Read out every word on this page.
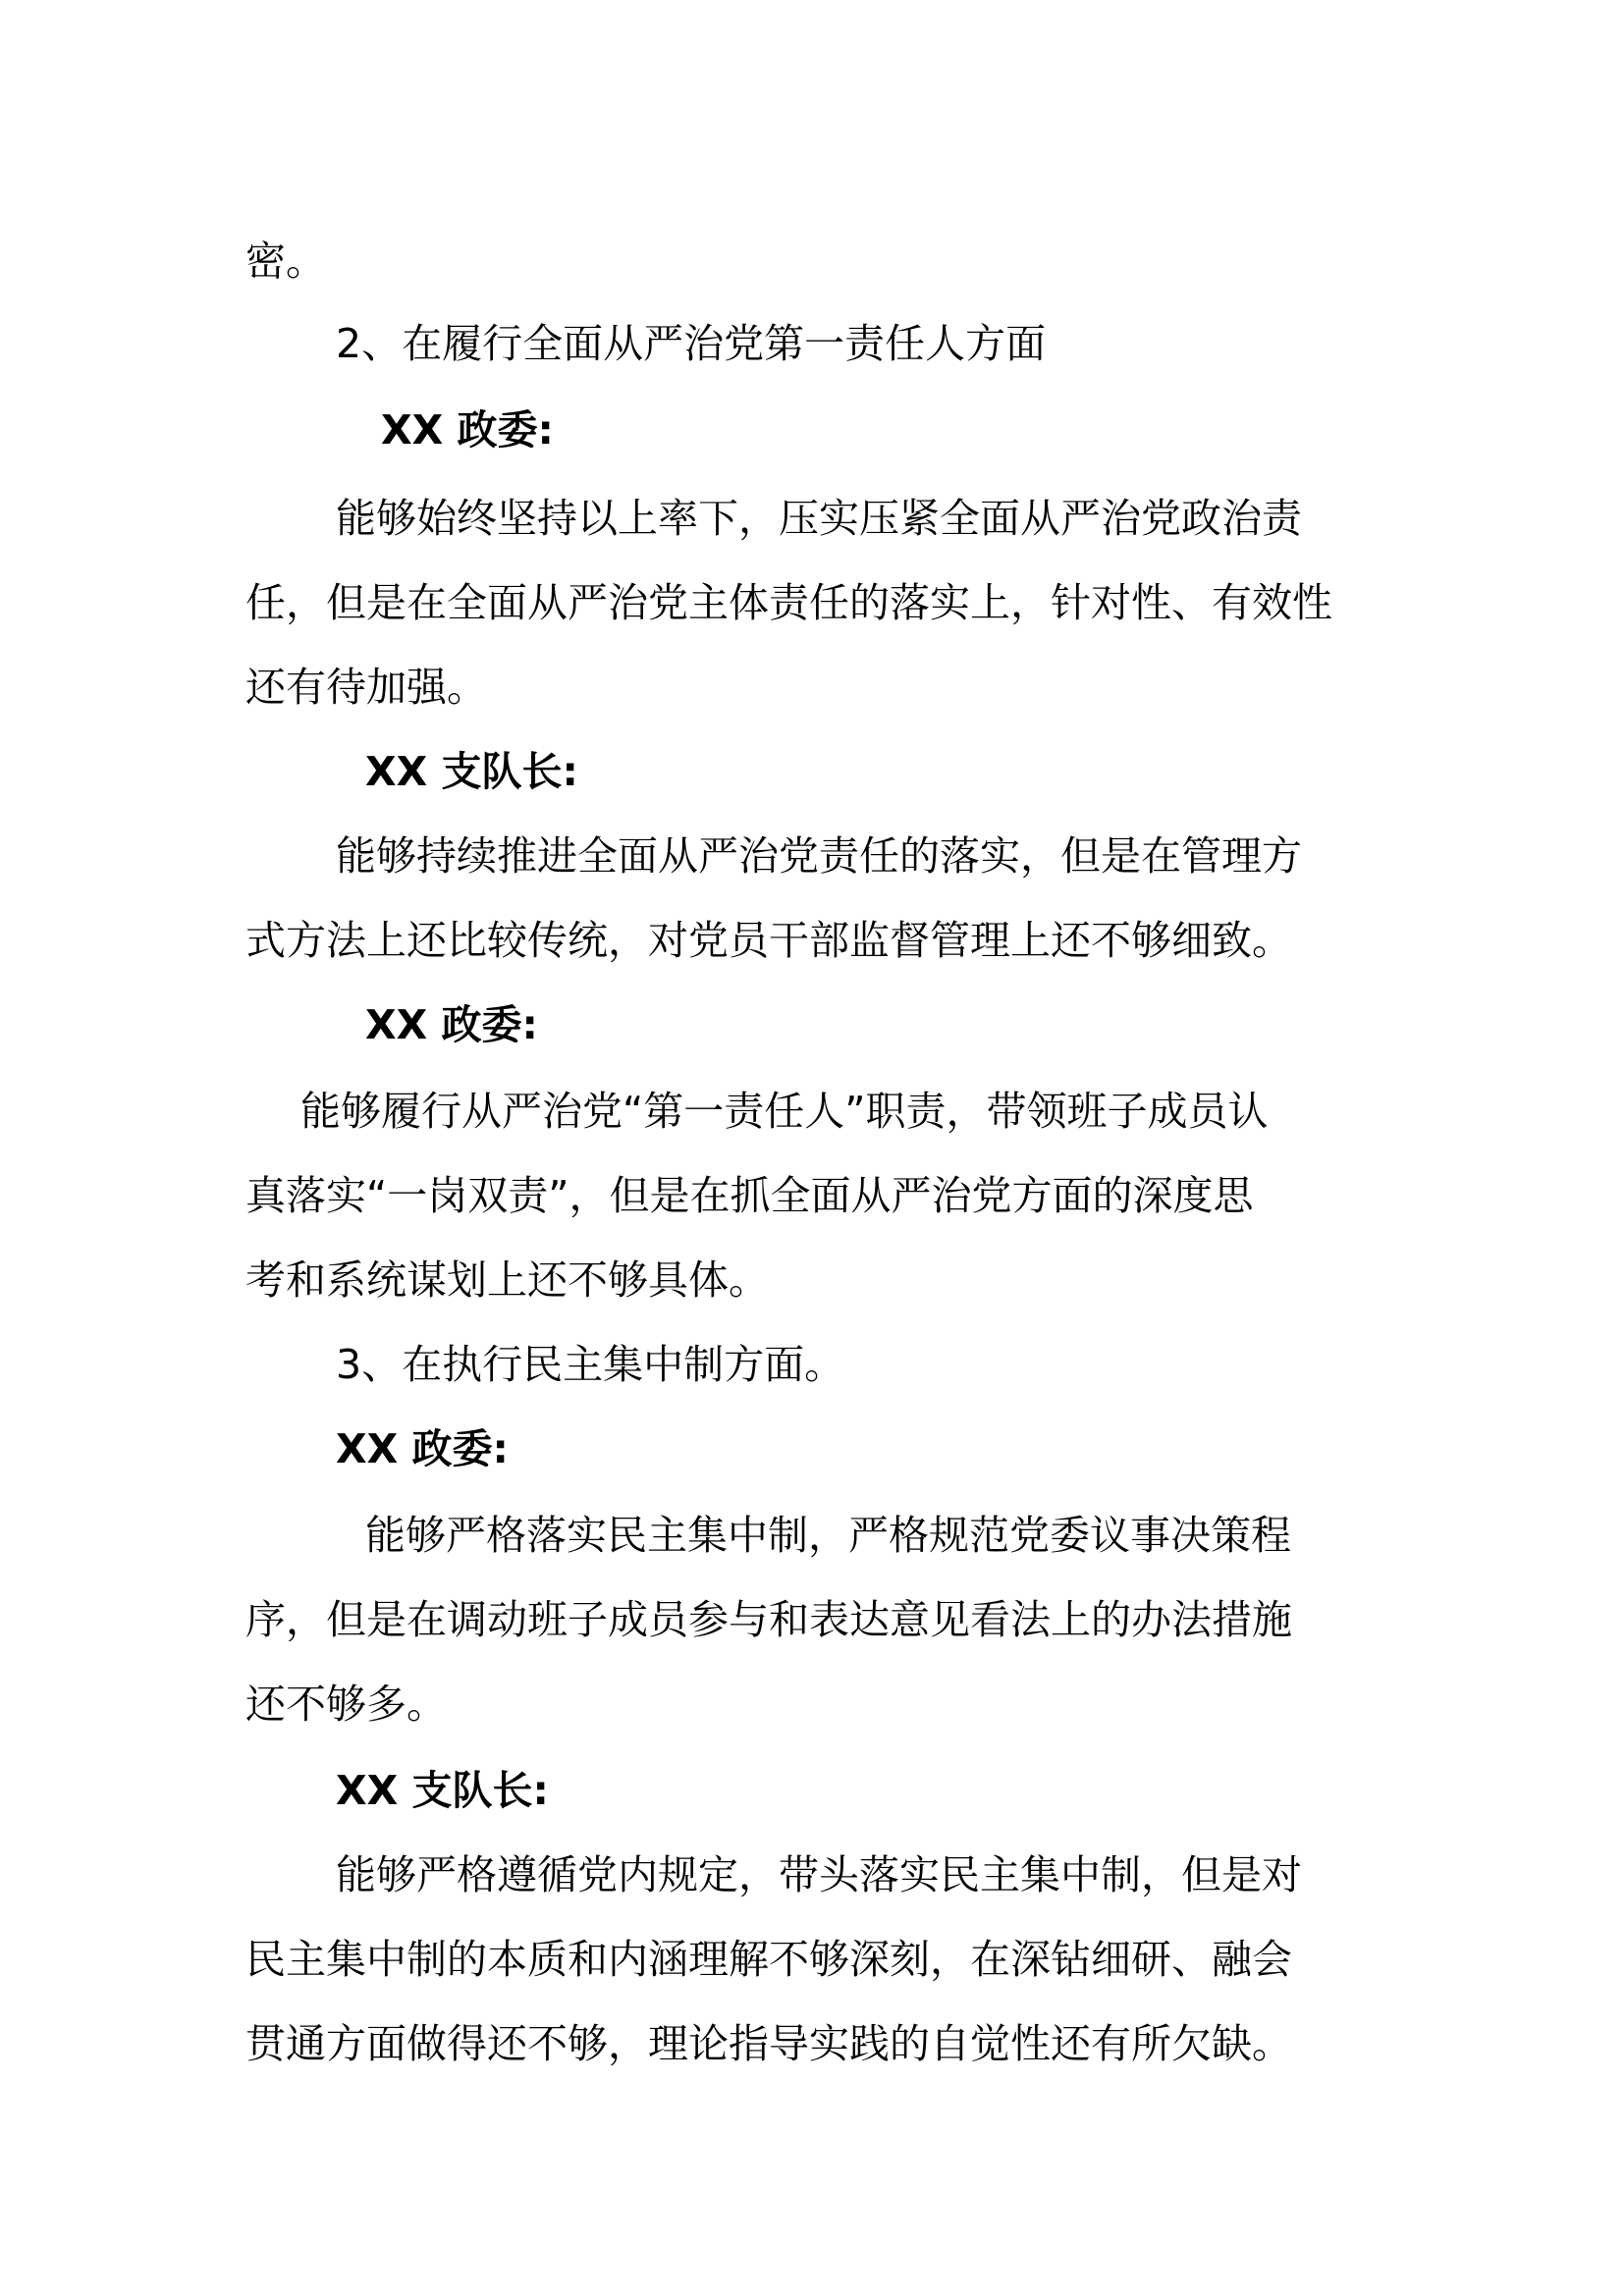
密。
2、在履行全面从严治党第一责任人方面
XX 政委:
能够始终坚持以上率下，压实压紧全面从严治党政治责
任，但是在全面从严治党主体责任的落实上，针对性、有效性
还有待加强。
XX 支队长:
能够持续推进全面从严治党责任的落实，但是在管理方
式方法上还比较传统，对党员干部监督管理上还不够细致。
XX 政委:
能够履行从严治党“第一责任人”职责，带领班子成员认
真落实“一岗双责”，但是在抓全面从严治党方面的深度思
考和系统谋划上还不够具体。
3、在执行民主集中制方面。
XX 政委:
能够严格落实民主集中制，严格规范党委议事决策程
序，但是在调动班子成员参与和表达意见看法上的办法措施
还不够多。
XX 支队长:
能够严格遵循党内规定，带头落实民主集中制，但是对
民主集中制的本质和内涵理解不够深刻，在深钻细研、融会
贯通方面做得还不够，理论指导实践的自觉性还有所欠缺。
